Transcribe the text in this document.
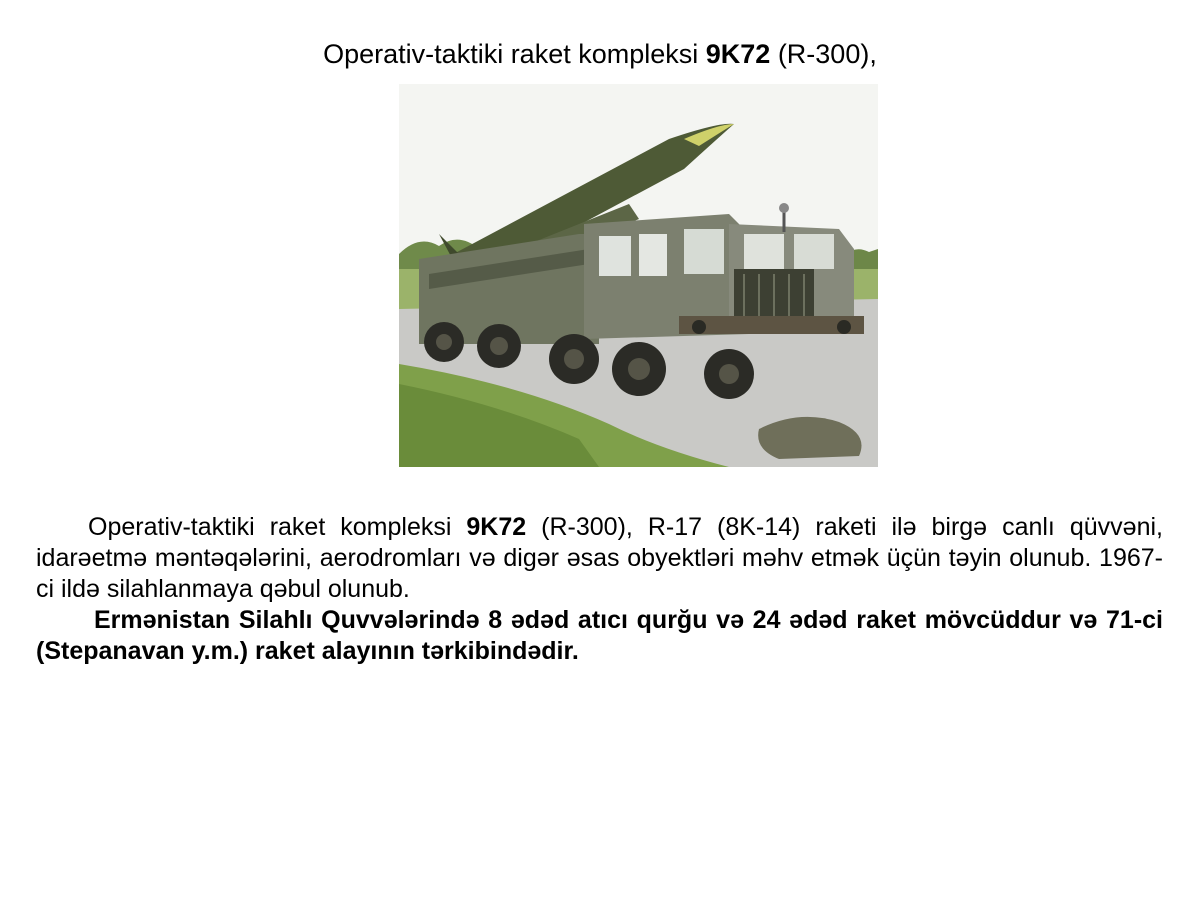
Operativ-taktiki raket kompleksi 9K72 (R-300),

Operativ-taktiki raket kompleksi 9K72 (R-300), R-17 (8K-14) raketi ilə birgə canlı qüvvəni, idarəetmə məntəqələrini, aerodromları və digər əsas obyektləri məhv etmək üçün təyin olunub. 1967-ci ildə silahlanmaya qəbul olunub.

Ermənistan Silahlı Quvvələrində 8 ədəd atıcı qurğu və 24 ədəd raket mövcüddur və 71-ci (Stepanavan y.m.) raket alayının tərkibindədir.
